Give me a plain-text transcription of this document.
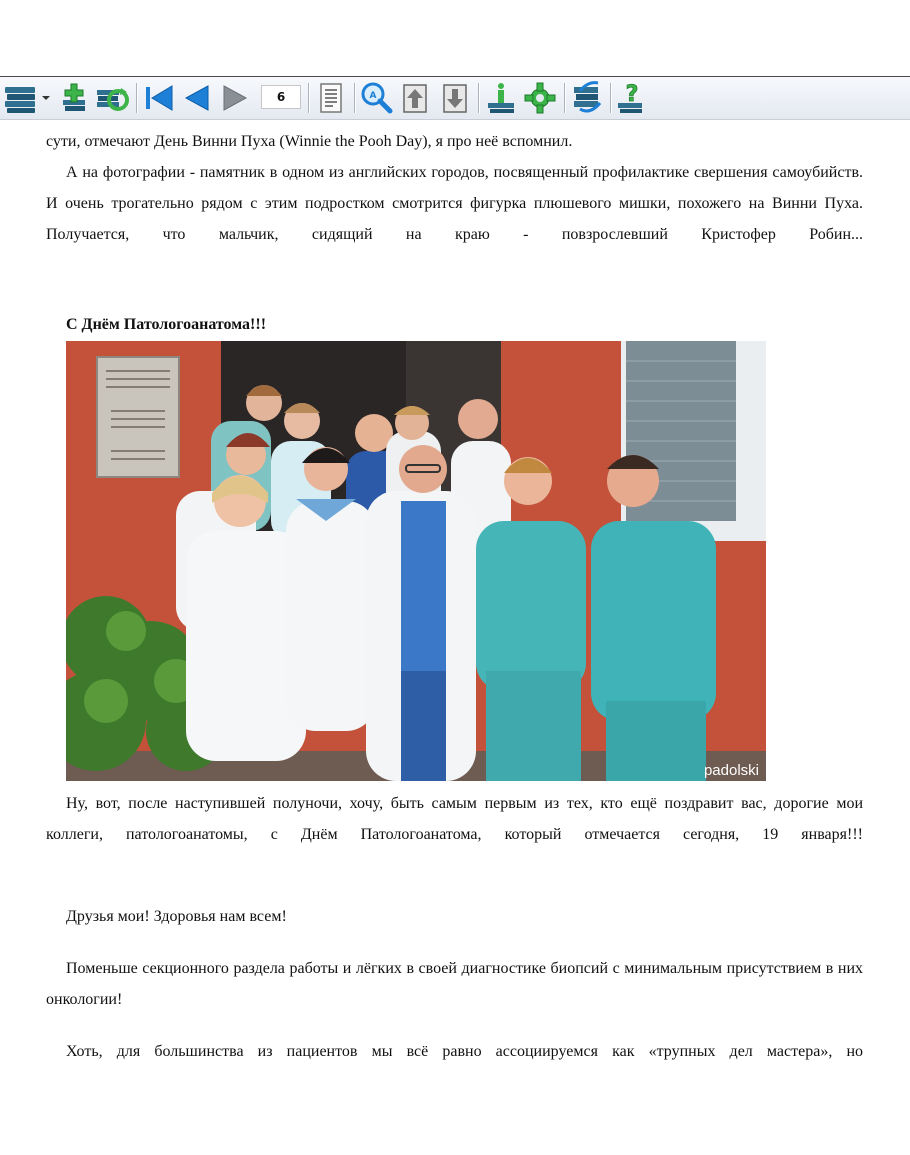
6
A	?

сути, отмечают День Винни Пуха (Winnie the Pooh Day), я про неё вспомнил.

А на фотографии - памятник в одном из английских городов, посвященный профилактике свершения самоубийств. И очень трогательно рядом с этим подростком смотрится фигурка плюшевого мишки, похожего на Винни Пуха. Получается, что мальчик, сидящий на краю - повзрослевший Кристофер Робин...

С Днём Патологоанатома!!!

padolski

Ну, вот, после наступившей полуночи, хочу, быть самым первым из тех, кто ещё поздравит вас, дорогие мои коллеги, патологоанатомы, с Днём Патологоанатома, который отмечается сегодня, 19 января!!!

Друзья мои! Здоровья нам всем!

Поменьше секционного раздела работы и лёгких в своей диагностике биопсий с минимальным присутствием в них онкологии!

Хоть, для большинства из пациентов мы всё равно ассоциируемся как «трупных дел мастера», но
